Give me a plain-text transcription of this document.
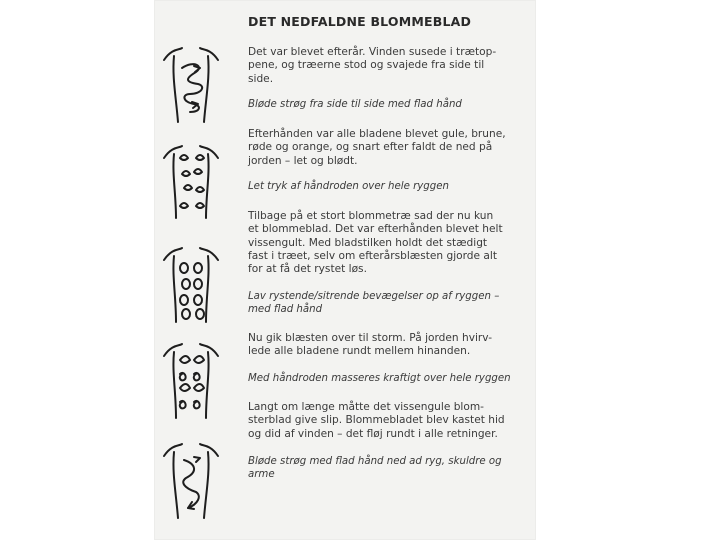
DET NEDFALDNE BLOMMEBLAD
Det var blevet efterår. Vinden susede i trætop-
pene, og træerne stod og svajede fra side til
side.
Bløde strøg fra side til side med flad hånd
Efterhånden var alle bladene blevet gule, brune,
røde og orange, og snart efter faldt de ned på
jorden – let og blødt.
Let tryk af håndroden over hele ryggen
Tilbage på et stort blommetræ sad der nu kun
et blommeblad. Det var efterhånden blevet helt
vissengult. Med bladstilken holdt det stædigt
fast i træet, selv om efterårsblæsten gjorde alt
for at få det rystet løs.
Lav rystende/sitrende bevægelser op af ryggen –
med flad hånd
Nu gik blæsten over til storm. På jorden hvirv-
lede alle bladene rundt mellem hinanden.
Med håndroden masseres kraftigt over hele ryggen
Langt om længe måtte det vissengule blom-
sterblad give slip. Blommebladet blev kastet hid
og did af vinden – det fløj rundt i alle retninger.
Bløde strøg med flad hånd ned ad ryg, skuldre og
arme
